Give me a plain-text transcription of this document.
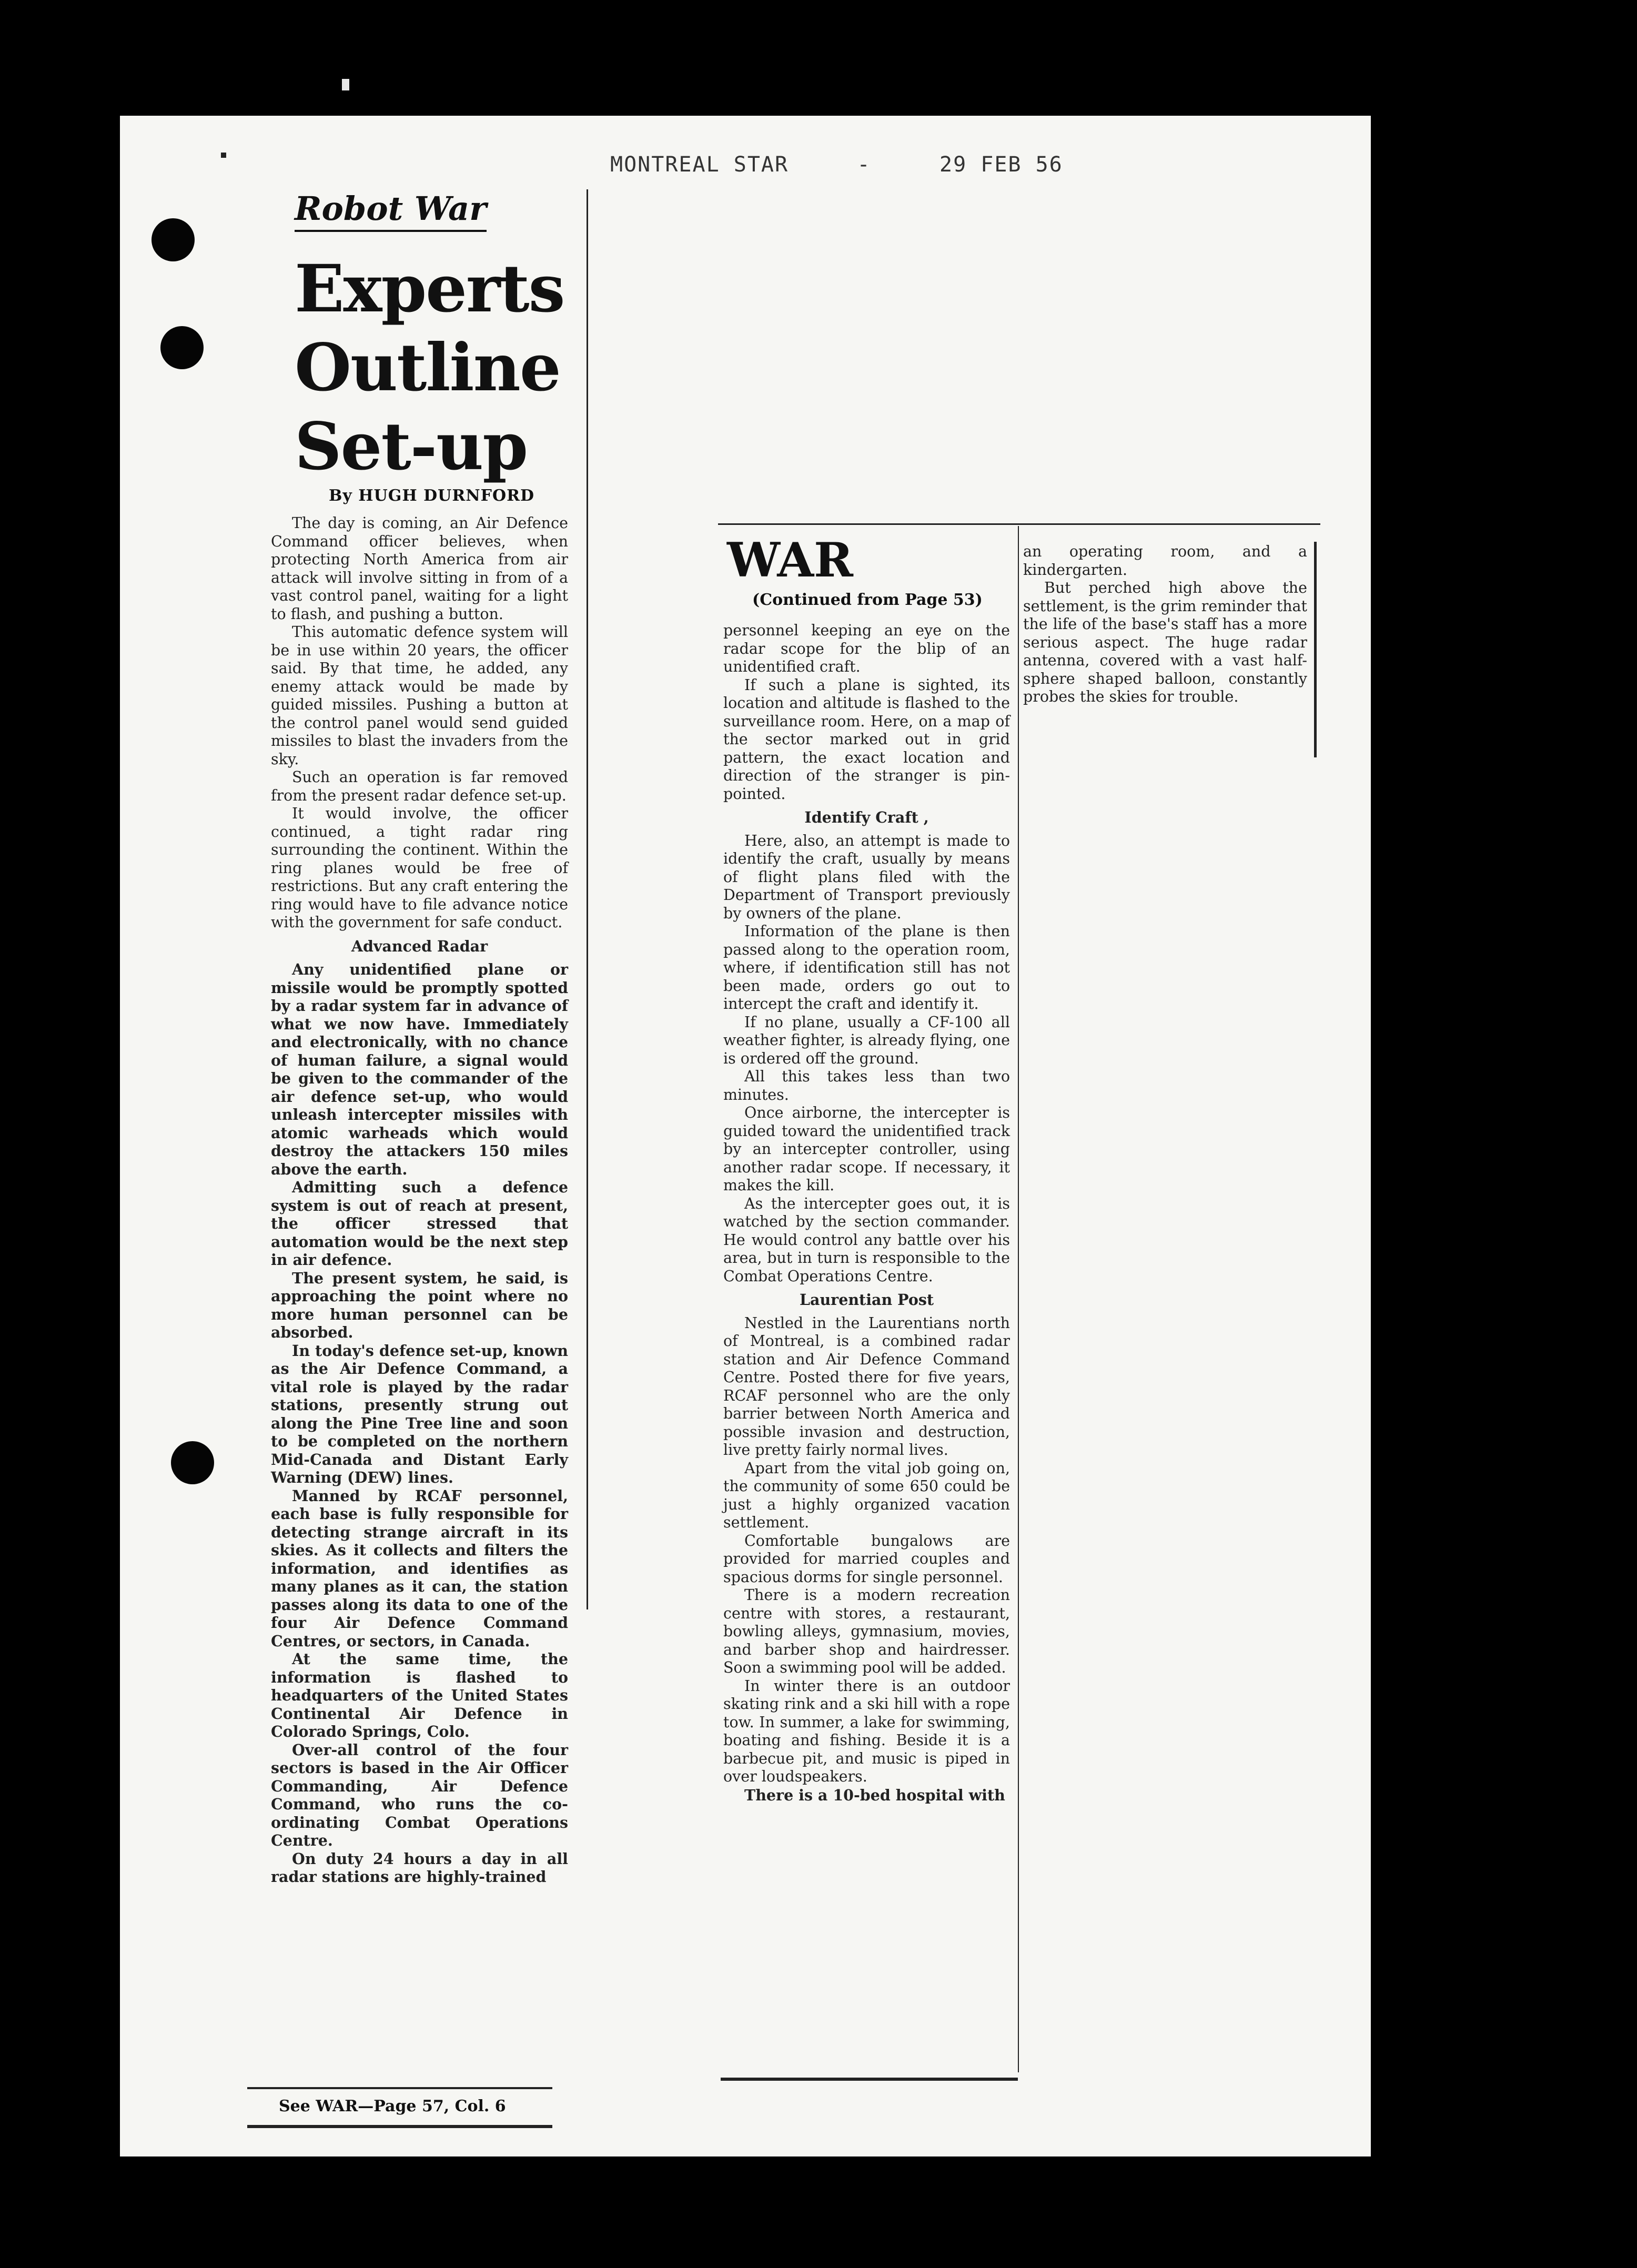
MONTREAL STAR	-	29 FEB 56
Robot War
Experts Outline Set-up
By HUGH DURNFORD

The day is coming, an Air Defence Command officer believes, when protecting North America from air attack will involve sitting in from of a vast control panel, waiting for a light to flash, and pushing a button.

This automatic defence system will be in use within 20 years, the officer said. By that time, he added, any enemy attack would be made by guided missiles. Pushing a button at the control panel would send guided missiles to blast the invaders from the sky.

Such an operation is far removed from the present radar defence set-up.

It would involve, the officer continued, a tight radar ring surrounding the continent. Within the ring planes would be free of restrictions. But any craft entering the ring would have to file advance notice with the government for safe conduct.

Advanced Radar

Any unidentified plane or missile would be promptly spotted by a radar system far in advance of what we now have. Immediately and electronically, with no chance of human failure, a signal would be given to the commander of the air defence set-up, who would unleash intercepter missiles with atomic warheads which would destroy the attackers 150 miles above the earth.

Admitting such a defence system is out of reach at present, the officer stressed that automation would be the next step in air defence.

The present system, he said, is approaching the point where no more human personnel can be absorbed.

In today's defence set-up, known as the Air Defence Command, a vital role is played by the radar stations, presently strung out along the Pine Tree line and soon to be completed on the northern Mid-Canada and Distant Early Warning (DEW) lines.

Manned by RCAF personnel, each base is fully responsible for detecting strange aircraft in its skies. As it collects and filters the information, and identifies as many planes as it can, the station passes along its data to one of the four Air Defence Command Centres, or sectors, in Canada.

At the same time, the information is flashed to headquarters of the United States Continental Air Defence in Colorado Springs, Colo.

Over-all control of the four sectors is based in the Air Officer Commanding, Air Defence Command, who runs the co-ordinating Combat Operations Centre.

On duty 24 hours a day in all radar stations are highly-trained

See WAR—Page 57, Col. 6
WAR
(Continued from Page 53)

personnel keeping an eye on the radar scope for the blip of an unidentified craft.

If such a plane is sighted, its location and altitude is flashed to the surveillance room. Here, on a map of the sector marked out in grid pattern, the exact location and direction of the stranger is pin-pointed.

Identify Craft ,

Here, also, an attempt is made to identify the craft, usually by means of flight plans filed with the Department of Transport previously by owners of the plane.

Information of the plane is then passed along to the operation room, where, if identification still has not been made, orders go out to intercept the craft and identify it.

If no plane, usually a CF-100 all weather fighter, is already flying, one is ordered off the ground.

All this takes less than two minutes.

Once airborne, the intercepter is guided toward the unidentified track by an intercepter controller, using another radar scope. If necessary, it makes the kill.

As the intercepter goes out, it is watched by the section commander. He would control any battle over his area, but in turn is responsible to the Combat Operations Centre.

Laurentian Post

Nestled in the Laurentians north of Montreal, is a combined radar station and Air Defence Command Centre. Posted there for five years, RCAF personnel who are the only barrier between North America and possible invasion and destruction, live pretty fairly normal lives.

Apart from the vital job going on, the community of some 650 could be just a highly organized vacation settlement.

Comfortable bungalows are provided for married couples and spacious dorms for single personnel.

There is a modern recreation centre with stores, a restaurant, bowling alleys, gymnasium, movies, and barber shop and hairdresser. Soon a swimming pool will be added.

In winter there is an outdoor skating rink and a ski hill with a rope tow. In summer, a lake for swimming, boating and fishing. Beside it is a barbecue pit, and music is piped in over loudspeakers.

There is a 10-bed hospital with

an operating room, and a kindergarten.

But perched high above the settlement, is the grim reminder that the life of the base's staff has a more serious aspect. The huge radar antenna, covered with a vast half-sphere shaped balloon, constantly probes the skies for trouble.
